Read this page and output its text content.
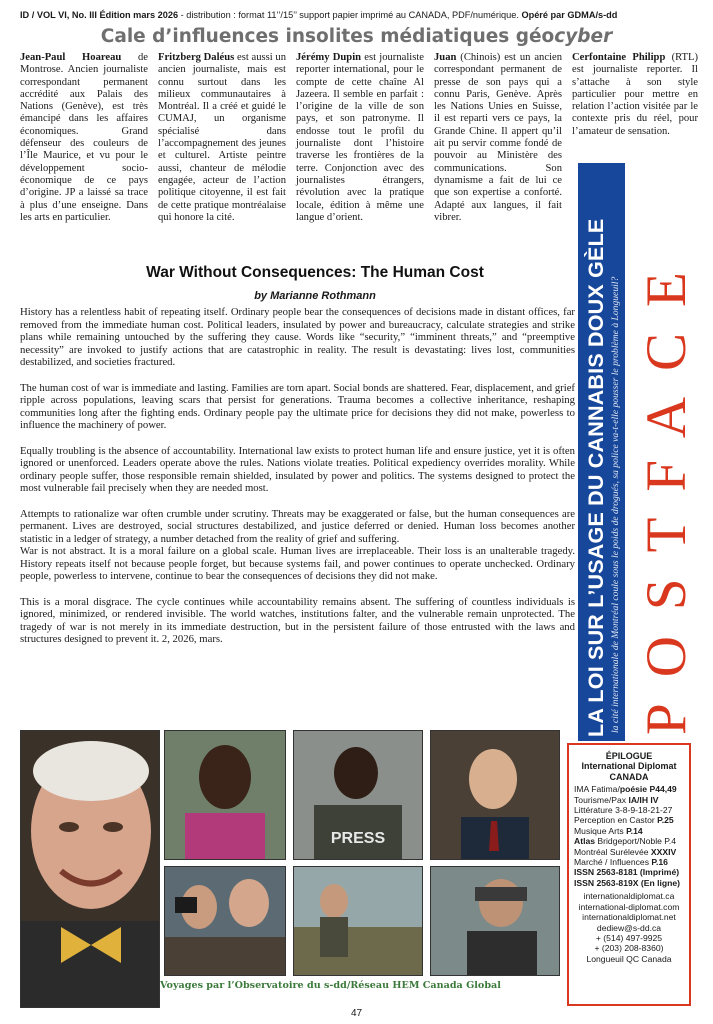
ID / VOL VI, No. III Édition mars 2026 - distribution : format 11’’/15’’ support papier imprimé au CANADA, PDF/numérique. Opéré par GDMA/s-dd
Cale d’influences insolites médiatiques géocyber
Jean-Paul Hoareau de Montrose. Ancien journaliste correspondant permanent accrédité aux Palais des Nations (Genève), est très émancipé dans les affaires économiques. Grand défenseur des couleurs de l’Île Maurice, et vu pour le développement socio-économique de ce pays d’origine. JP a laissé sa trace à plus d’une enseigne. Dans les arts en particulier.
Fritzberg Daléus est aussi un ancien journaliste, mais est connu surtout dans les milieux communautaires à Montréal. Il a créé et guidé le CUMAJ, un organisme spécialisé dans l’accompagnement des jeunes et culturel. Artiste peintre aussi, chanteur de mélodie engagée, acteur de l’action politique citoyenne, il est fait de cette pratique montréalaise qui honore la cité.
Jérémy Dupin est journaliste reporter international, pour le compte de cette chaîne Al Jazeera. Il semble en parfait : l’origine de la ville de son pays, et son patronyme. Il endosse tout le profil du journaliste dont l’histoire traverse les frontières de la terre. Conjonction avec des journalistes étrangers, révolution avec la pratique locale, édition à même une langue d’orient.
Juan (Chinois) est un ancien correspondant permanent de presse de son pays qui a connu Paris, Genève. Après les Nations Unies en Suisse, il est reparti vers ce pays, la Grande Chine. Il appert qu’il ait pu servir comme fondé de pouvoir au Ministère des communications. Son dynamisme a fait de lui ce que son expertise a conforté. Adapté aux langues, il fait vibrer.
Cerfontaine Philipp (RTL) est journaliste reporter. Il s’attache à son style particulier pour mettre en relation l’action visitée par le contexte pris du réel, pour l’amateur de sensation.
War Without Consequences: The Human Cost
by Marianne Rothmann

History has a relentless habit of repeating itself. Ordinary people bear the consequences of decisions made in distant offices, far removed from the immediate human cost. Political leaders, insulated by power and bureaucracy, calculate strategies and strike plans while remaining untouched by the suffering they cause. Words like “security,” “imminent threats,” and “preemptive necessity” are invoked to justify actions that are catastrophic in reality. The result is devastating: lives lost, communities destabilized, and societies fractured.

The human cost of war is immediate and lasting. Families are torn apart. Social bonds are shattered. Fear, displacement, and grief ripple across populations, leaving scars that persist for generations. Trauma becomes a collective inheritance, reshaping communities long after the fighting ends. Ordinary people pay the ultimate price for decisions they did not make, powerless to influence the machinery of power.

Equally troubling is the absence of accountability. International law exists to protect human life and ensure justice, yet it is often ignored or unenforced. Leaders operate above the rules. Nations violate treaties. Political expediency overrides morality. While ordinary people suffer, those responsible remain shielded, insulated by power and politics. The systems designed to protect the most vulnerable fail precisely when they are needed most.

Attempts to rationalize war often crumble under scrutiny. Threats may be exaggerated or false, but the human consequences are permanent. Lives are destroyed, social structures destabilized, and justice deferred or denied. Human loss becomes another statistic in a ledger of strategy, a number detached from the reality of grief and suffering.

War is not abstract. It is a moral failure on a global scale. Human lives are irreplaceable. Their loss is an unalterable tragedy. History repeats itself not because people forget, but because systems fail, and power continues to operate unchecked. Ordinary people, powerless to intervene, continue to bear the consequences of decisions they did not make.

This is a moral disgrace. The cycle continues while accountability remains absent. The suffering of countless individuals is ignored, minimized, or rendered invisible. The world watches, institutions falter, and the vulnerable remain unprotected. The tragedy of war is not merely in its immediate destruction, but in the persistent failure of those entrusted with the laws and structures designed to prevent it. 2, 2026, mars.	LA LOI SUR L’USAGE DU CANNABIS DOUX GÈLE la cité internationale de Montréal coule sous le poids de drogués, sa police va-t-elle pousser le problème à Longueuil? POSTFACE
ÉPILOGUE
International Diplomat
CANADA
IMA Fatima/poésie P44,49
Tourisme/Pax IA/IH IV
Littérature 3-8-9-18-21-27
Perception en Castor P.25
Musique Arts P.14
Atlas Bridgeport/Noble P.4
Montréal Surélevée XXXIV
Marché / Influences P.16
ISSN 2563-8181 (Imprimé)
ISSN 2563-819X (En ligne)
internationaldiplomat.ca
international-diplomat.com
internationaldiplomat.net
dediew@s-dd.ca
+ (514) 497-9925
+ (203) 208-8360)
Longueuil QC Canada
PRESS
Voyages par l’Observatoire du s-dd/Réseau HEM Canada Global
47
